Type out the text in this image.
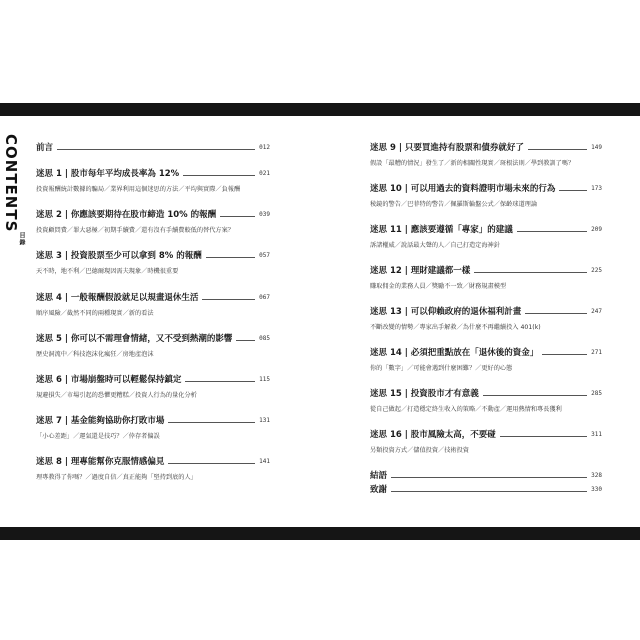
CONTENTS
目錄
前言	012
迷思 1 | 股市每年平均成長率為 12%	021
投資報酬統計數據的騙局／業界利用這個迷思的方法／平均與實際／負報酬
迷思 2 | 你應該要期待在股市締造 10% 的報酬	039
投資顧問費／罪大惡極／初期手續費／還有沒有手續費較低的替代方案？
迷思 3 | 投資股票至少可以拿到 8% 的報酬	057
天不時，地不利／巴德爾現因需夫現象／時機很重要
迷思 4 | 一般報酬假設就足以規畫退休生活	067
順序風險／截然不同的兩種現實／新的看法
迷思 5 | 你可以不需理會情緒，又不受到熱潮的影響	085
歷史洞流中／科技泡沫化瘋狂／房地產泡沫
迷思 6 | 市場崩盤時可以輕鬆保持鎮定	115
規避損失／市場引起的恐懼更糟糕／投資人行為的量化分析
迷思 7 | 基金能夠協助你打敗市場	131
「小心差距」／運氣還是技巧？／倖存者偏誤
迷思 8 | 理專能幫你克服情感偏見	141
理專教得了你嗎？／過度自信／真正能夠「堅持到底的人」
迷思 9 | 只要買進持有股票和債券就好了	149
假設「最糟的情況」發生了／新的相關性現實／斑根法則／學到教訓了嗎？
迷思 10 | 可以用過去的資料證明市場未來的行為	173
稜鏡的警告／巴菲特的警告／佩羅斯輪盤公式／保齡球道理論
迷思 11 | 應該要遵循「專家」的建議	209
訴諸權威／說話最大聲的人／自己打造定海神針
迷思 12 | 理財建議都一樣	225
賺取佣金的業務人員／獎勵不一致／財務規畫模型
迷思 13 | 可以仰賴政府的退休福利計畫	247
不斷改變的情勢／專家出手解救／為什麼不再繼續投入 401(k)
迷思 14 | 必須把重點放在「退休後的資金」	271
你的「數字」／可能會遇到什麼困難？／更好的心態
迷思 15 | 投資股市才有意義	285
從自己做起／打造穩定終生收入的策略／不動產／運用熱情和專長獲利
迷思 16 | 股市風險太高，不要碰	311
另類投資方式／儲值投資／技術投資
結語	328
致謝	330
